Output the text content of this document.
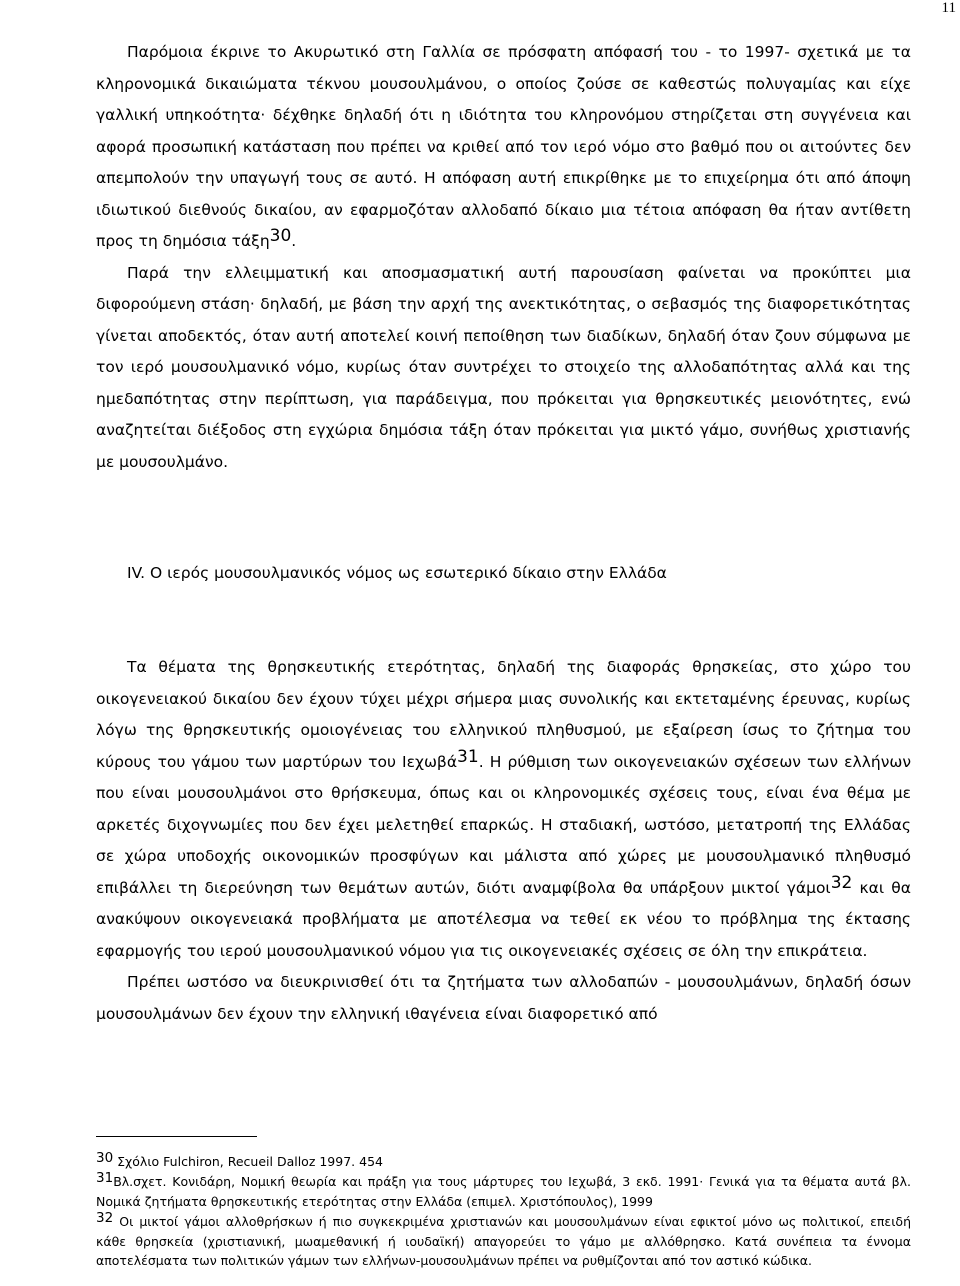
11

Παρόμοια έκρινε το Ακυρωτικό στη Γαλλία σε πρόσφατη απόφασή του - το 1997- σχετικά με τα κληρονομικά δικαιώματα τέκνου μουσουλμάνου, ο οποίος ζούσε σε καθεστώς πολυγαμίας και είχε γαλλική υπηκοότητα· δέχθηκε δηλαδή ότι η ιδιότητα του κληρονόμου στηρίζεται στη συγγένεια και αφορά προσωπική κατάσταση που πρέπει να κριθεί από τον ιερό νόμο στο βαθμό που οι αιτούντες δεν απεμπολούν την υπαγωγή τους σε αυτό. Η απόφαση αυτή επικρίθηκε με το επιχείρημα ότι από άποψη ιδιωτικού διεθνούς δικαίου, αν εφαρμοζόταν αλλοδαπό δίκαιο μια τέτοια απόφαση θα ήταν αντίθετη προς τη δημόσια τάξη30.

Παρά την ελλειμματική και αποσμασματική αυτή παρουσίαση φαίνεται να προκύπτει μια διφορούμενη στάση· δηλαδή, με βάση την αρχή της ανεκτικότητας, ο σεβασμός της διαφορετικότητας γίνεται αποδεκτός, όταν αυτή αποτελεί κοινή πεποίθηση των διαδίκων, δηλαδή όταν ζουν σύμφωνα με τον ιερό μουσουλμανικό νόμο, κυρίως όταν συντρέχει το στοιχείο της αλλοδαπότητας αλλά και της ημεδαπότητας στην περίπτωση, για παράδειγμα, που πρόκειται για θρησκευτικές μειονότητες, ενώ αναζητείται διέξοδος στη εγχώρια δημόσια τάξη όταν πρόκειται για μικτό γάμο, συνήθως χριστιανής με μουσουλμάνο.

IV. Ο ιερός μουσουλμανικός νόμος ως εσωτερικό δίκαιο στην Ελλάδα

Τα θέματα της θρησκευτικής ετερότητας, δηλαδή της διαφοράς θρησκείας, στο χώρο του οικογενειακού δικαίου δεν έχουν τύχει μέχρι σήμερα μιας συνολικής και εκτεταμένης έρευνας, κυρίως λόγω της θρησκευτικής ομοιογένειας του ελληνικού πληθυσμού, με εξαίρεση ίσως το ζήτημα του κύρους του γάμου των μαρτύρων του Ιεχωβά31. Η ρύθμιση των οικογενειακών σχέσεων των ελλήνων που είναι μουσουλμάνοι στο θρήσκευμα, όπως και οι κληρονομικές σχέσεις τους, είναι ένα θέμα με αρκετές διχογνωμίες που δεν έχει μελετηθεί επαρκώς. Η σταδιακή, ωστόσο, μετατροπή της Ελλάδας σε χώρα υποδοχής οικονομικών προσφύγων και μάλιστα από χώρες με μουσουλμανικό πληθυσμό επιβάλλει τη διερεύνηση των θεμάτων αυτών, διότι αναμφίβολα θα υπάρξουν μικτοί γάμοι32 και θα ανακύψουν οικογενειακά προβλήματα με αποτέλεσμα να τεθεί εκ νέου το πρόβλημα της έκτασης εφαρμογής του ιερού μουσουλμανικού νόμου για τις οικογενειακές σχέσεις σε όλη την επικράτεια.

Πρέπει ωστόσο να διευκρινισθεί ότι τα ζητήματα των αλλοδαπών - μουσουλμάνων, δηλαδή όσων μουσουλμάνων δεν έχουν την ελληνική ιθαγένεια είναι διαφορετικό από

30 Σχόλιο Fulchiron, Recueil Dalloz 1997. 454
31Βλ.σχετ. Κονιδάρη, Νομική θεωρία και πράξη για τους μάρτυρες του Ιεχωβά, 3 εκδ. 1991· Γενικά για τα θέματα αυτά βλ. Νομικά ζητήματα θρησκευτικής ετερότητας στην Ελλάδα (επιμελ. Χριστόπουλος), 1999
32 Οι μικτοί γάμοι αλλοθρήσκων ή πιο συγκεκριμένα χριστιανών και μουσουλμάνων είναι εφικτοί μόνο ως πολιτικοί, επειδή κάθε θρησκεία (χριστιανική, μωαμεθανική ή ιουδαϊκή) απαγορεύει το γάμο με αλλόθρησκο. Κατά συνέπεια τα έννομα αποτελέσματα των πολιτικών γάμων των ελλήνων-μουσουλμάνων πρέπει να ρυθμίζονται από τον αστικό κώδικα.
